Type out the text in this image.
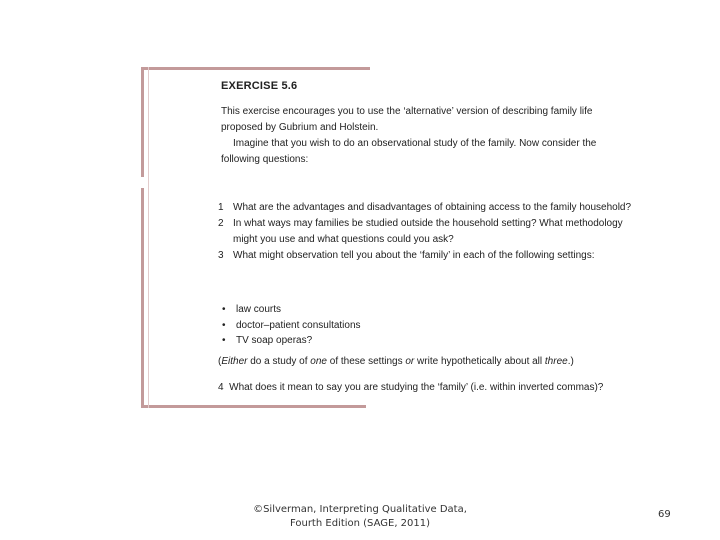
EXERCISE 5.6
This exercise encourages you to use the ‘alternative’ version of describing family life proposed by Gubrium and Holstein.
Imagine that you wish to do an observational study of the family. Now consider the following questions:
1 What are the advantages and disadvantages of obtaining access to the family household?
2 In what ways may families be studied outside the household setting? What methodology might you use and what questions could you ask?
3 What might observation tell you about the ‘family’ in each of the following settings:
• law courts
• doctor–patient consultations
• TV soap operas?
(Either do a study of one of these settings or write hypothetically about all three.)
4 What does it mean to say you are studying the ‘family’ (i.e. within inverted commas)?
©Silverman, Interpreting Qualitative Data,
Fourth Edition (SAGE, 2011)
69
